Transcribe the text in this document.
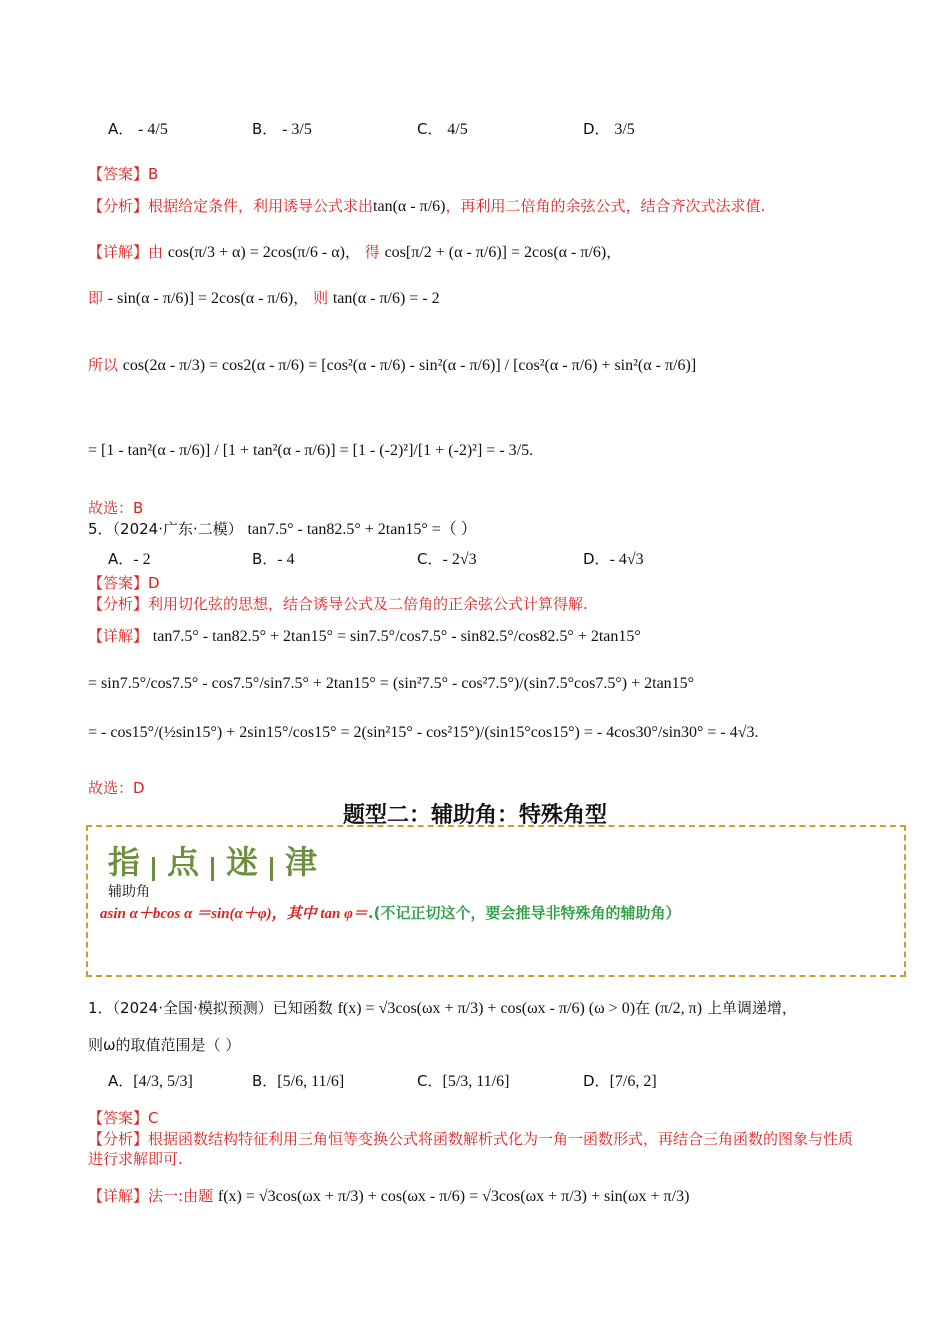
A． - 4/5	B． - 3/5	C． 4/5	D． 3/5
【答案】B
【分析】根据给定条件，利用诱导公式求出tan(α - π/6)，再利用二倍角的余弦公式，结合齐次式法求值.
【详解】由 cos(π/3 + α) = 2cos(π/6 - α)， 得 cos[π/2 + (α - π/6)] = 2cos(α - π/6)，
即 - sin(α - π/6)] = 2cos(α - π/6)， 则 tan(α - π/6) = - 2
所以 cos(2α - π/3) = cos2(α - π/6) = [cos²(α - π/6) - sin²(α - π/6)] / [cos²(α - π/6) + sin²(α - π/6)]
= [1 - tan²(α - π/6)] / [1 + tan²(α - π/6)] = [1 - (-2)²]/[1 + (-2)²] = - 3/5.
故选：B
5．（2024·广东·二模） tan7.5° - tan82.5° + 2tan15° =（ ）
A．- 2	B．- 4	C．- 2√3	D．- 4√3
【答案】D
【分析】利用切化弦的思想，结合诱导公式及二倍角的正余弦公式计算得解.
【详解】 tan7.5° - tan82.5° + 2tan15° = sin7.5°/cos7.5° - sin82.5°/cos82.5° + 2tan15°
= sin7.5°/cos7.5° - cos7.5°/sin7.5° + 2tan15° = (sin²7.5° - cos²7.5°)/(sin7.5°cos7.5°) + 2tan15°
= - cos15°/(½sin15°) + 2sin15°/cos15° = 2(sin²15° - cos²15°)/(sin15°cos15°) = - 4cos30°/sin30° = - 4√3.
故选：D
题型二：辅助角：特殊角型
指 点 迷 津
辅助角
asin α＋bcos α ＝sin(α＋φ)，其中 tan φ＝.(不记正切这个，要会推导非特殊角的辅助角）
1．（2024·全国·模拟预测）已知函数 f(x) = √3cos(ωx + π/3) + cos(ωx - π/6) (ω > 0)在 (π/2, π) 上单调递增，
则ω的取值范围是（ ）
A．[4/3, 5/3]	B．[5/6, 11/6]	C．[5/3, 11/6]	D．[7/6, 2]
【答案】C
【分析】根据函数结构特征利用三角恒等变换公式将函数解析式化为一角一函数形式，再结合三角函数的图象与性质进行求解即可.
【详解】法一:由题 f(x) = √3cos(ωx + π/3) + cos(ωx - π/6) = √3cos(ωx + π/3) + sin(ωx + π/3)
